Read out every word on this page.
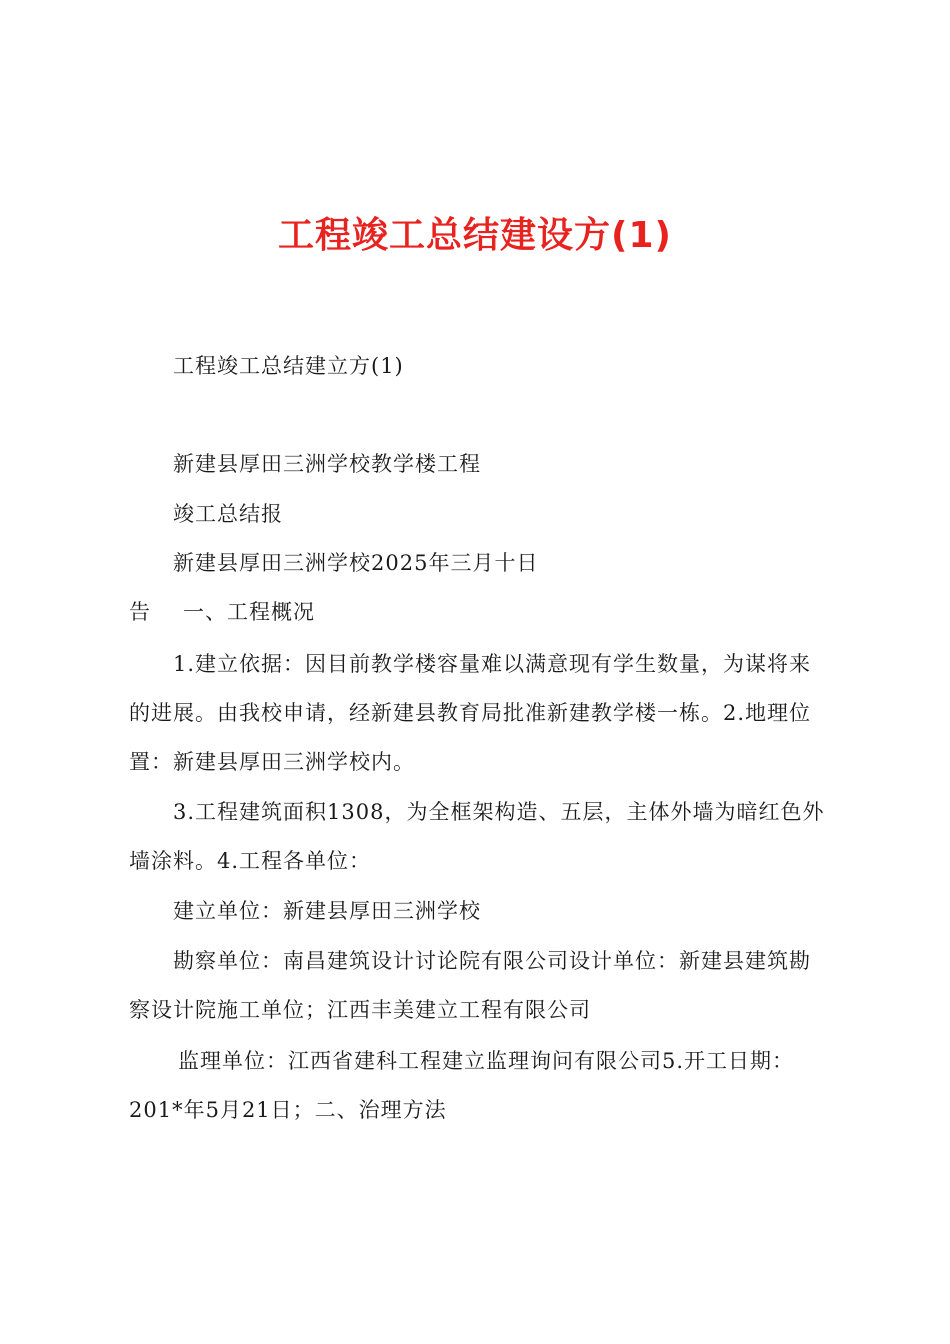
工程竣工总结建设方(1)

工程竣工总结建立方(1)

新建县厚田三洲学校教学楼工程

竣工总结报

新建县厚田三洲学校2025年三月十日

告 一、工程概况

1.建立依据：因目前教学楼容量难以满意现有学生数量，为谋将来

的进展。由我校申请，经新建县教育局批准新建教学楼一栋。2.地理位

置：新建县厚田三洲学校内。

3.工程建筑面积1308，为全框架构造、五层，主体外墙为暗红色外

墙涂料。4.工程各单位：

建立单位：新建县厚田三洲学校

勘察单位：南昌建筑设计讨论院有限公司设计单位：新建县建筑勘

察设计院施工单位；江西丰美建立工程有限公司

监理单位：江西省建科工程建立监理询问有限公司5.开工日期：

201*年5月21日；二、治理方法
